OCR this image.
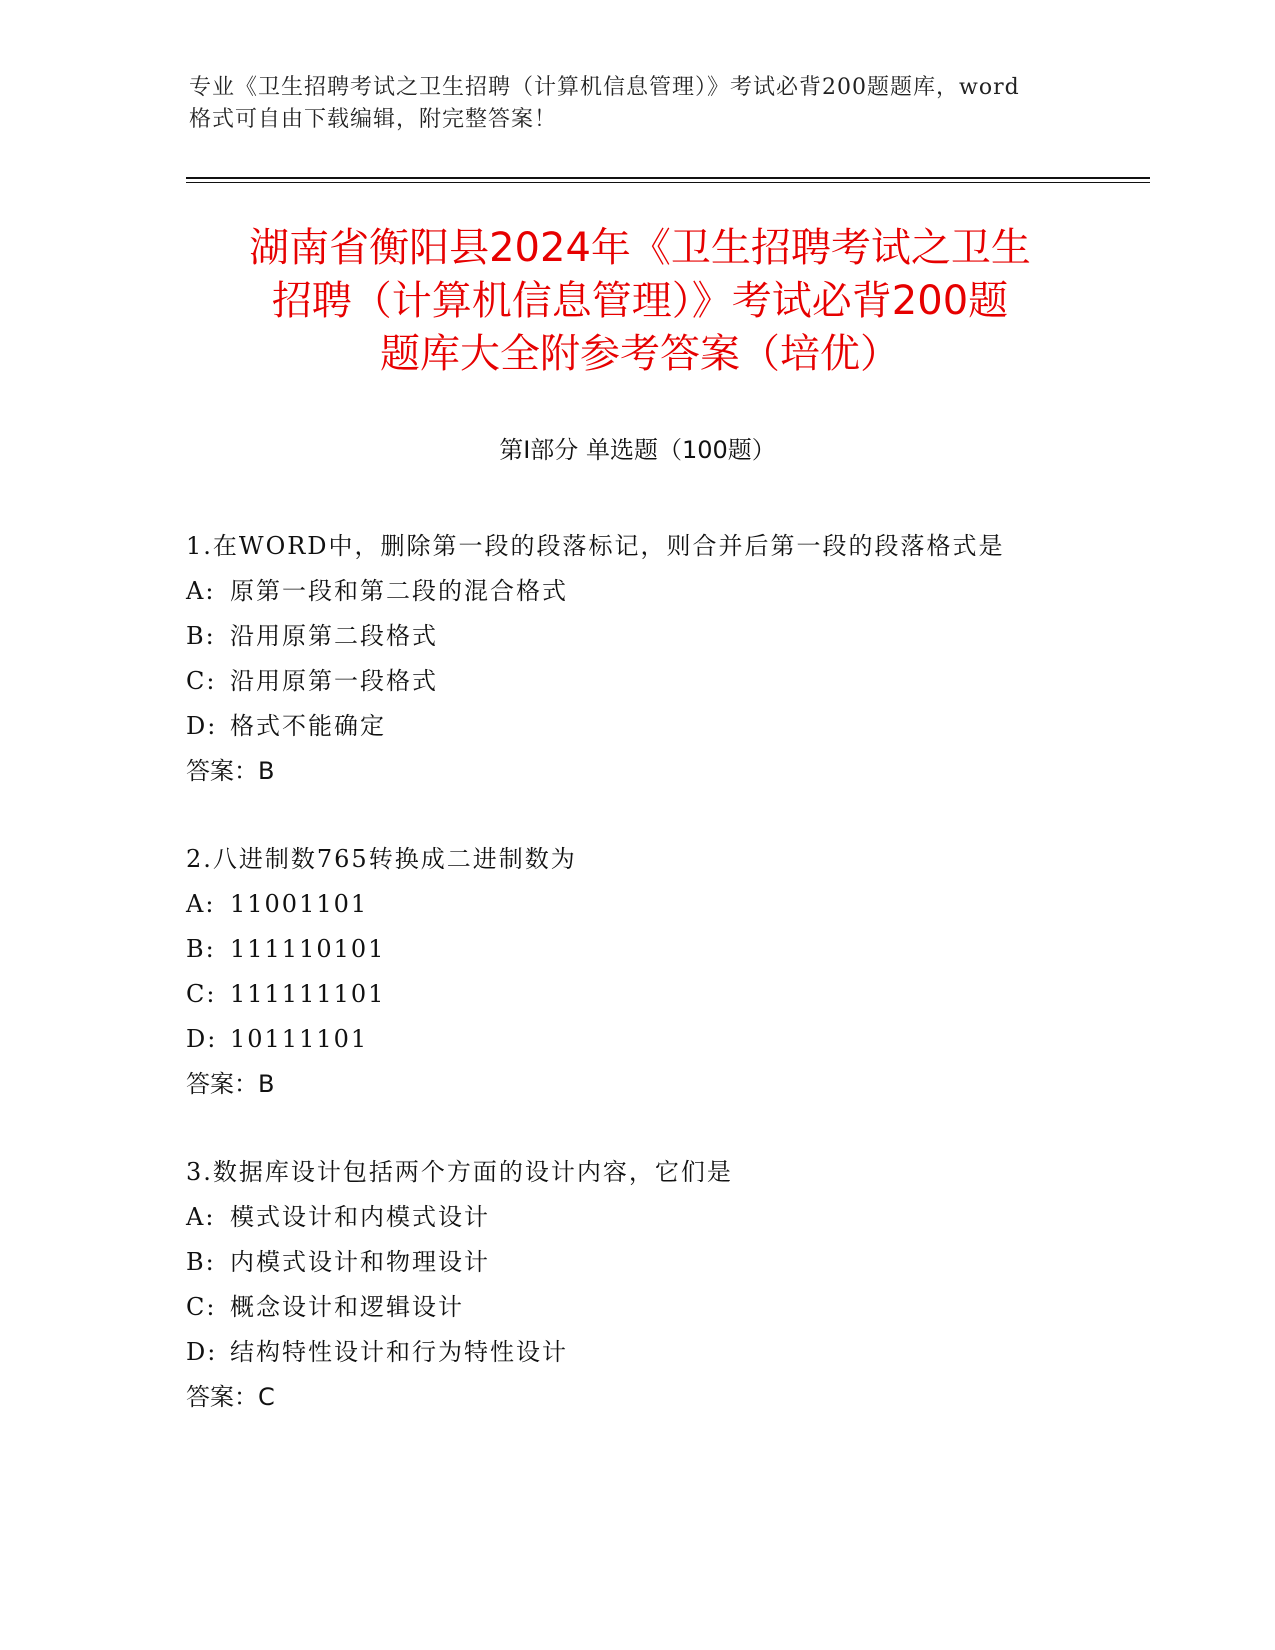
专业《卫生招聘考试之卫生招聘（计算机信息管理）》考试必背200题题库，word
格式可自由下载编辑，附完整答案！
湖南省衡阳县2024年《卫生招聘考试之卫生
招聘（计算机信息管理）》考试必背200题
题库大全附参考答案（培优）
第Ⅰ部分 单选题（100题）
1.在WORD中，删除第一段的段落标记，则合并后第一段的段落格式是
A: 原第一段和第二段的混合格式
B: 沿用原第二段格式
C: 沿用原第一段格式
D: 格式不能确定
答案：B
2.八进制数765转换成二进制数为
A: 11001101
B: 111110101
C: 111111101
D: 10111101
答案：B
3.数据库设计包括两个方面的设计内容，它们是
A: 模式设计和内模式设计
B: 内模式设计和物理设计
C: 概念设计和逻辑设计
D: 结构特性设计和行为特性设计
答案：C
